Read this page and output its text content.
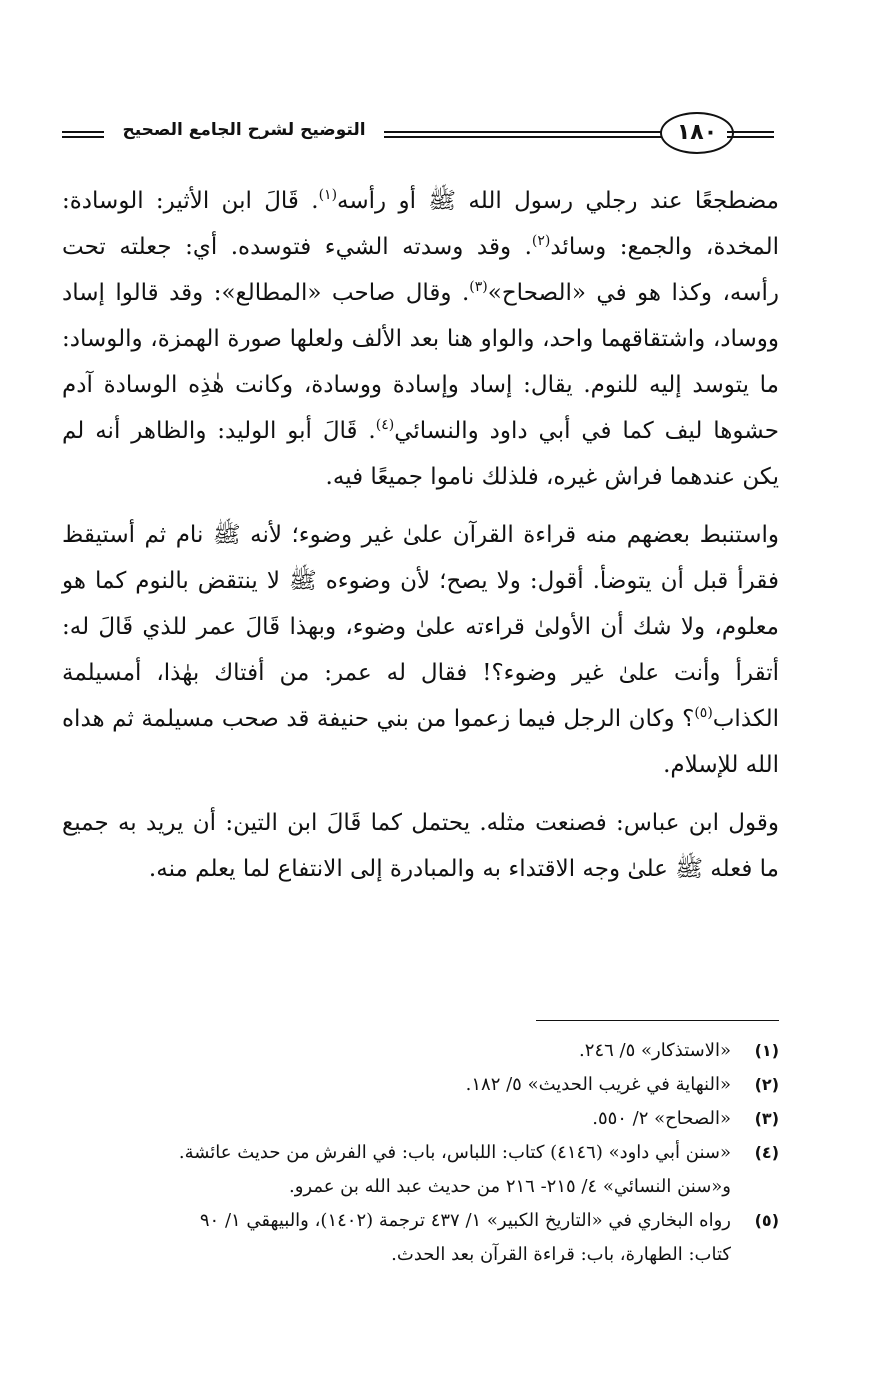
التوضيح لشرح الجامع الصحيح	١٨٠

مضطجعًا عند رجلي رسول الله ﷺ أو رأسه$^{(١)}$. قَالَ ابن الأثير: الوسادة: المخدة، والجمع: وسائد$^{(٢)}$. وقد وسدته الشيء فتوسده. أي: جعلته تحت رأسه، وكذا هو في «الصحاح»$^{(٣)}$. وقال صاحب «المطالع»: وقد قالوا إساد ووساد، واشتقاقهما واحد، والواو هنا بعد الألف ولعلها صورة الهمزة، والوساد: ما يتوسد إليه للنوم. يقال: إساد وإسادة ووسادة، وكانت هٰذِه الوسادة آدم حشوها ليف كما في أبي داود والنسائي$^{(٤)}$. قَالَ أبو الوليد: والظاهر أنه لم يكن عندهما فراش غيره، فلذلك ناموا جميعًا فيه.

واستنبط بعضهم منه قراءة القرآن علىٰ غير وضوء؛ لأنه ﷺ نام ثم أستيقظ فقرأ قبل أن يتوضأ. أقول: ولا يصح؛ لأن وضوءه ﷺ لا ينتقض بالنوم كما هو معلوم، ولا شك أن الأولىٰ قراءته علىٰ وضوء، وبهذا قَالَ عمر للذي قَالَ له: أتقرأ وأنت علىٰ غير وضوء؟! فقال له عمر: من أفتاك بهٰذا، أمسيلمة الكذاب$^{(٥)}$؟ وكان الرجل فيما زعموا من بني حنيفة قد صحب مسيلمة ثم هداه الله للإسلام.

وقول ابن عباس: فصنعت مثله. يحتمل كما قَالَ ابن التين: أن يريد به جميع ما فعله ﷺ علىٰ وجه الاقتداء به والمبادرة إلى الانتفاع لما يعلم منه.

(١)
«الاستذكار» ٥/ ٢٤٦.
(٢)
«النهاية في غريب الحديث» ٥/ ١٨٢.
(٣)
«الصحاح» ٢/ ٥٥٠.
(٤)
«سنن أبي داود» (٤١٤٦) كتاب: اللباس، باب: في الفرش من حديث عائشة.
و«سنن النسائي» ٤/ ٢١٥- ٢١٦ من حديث عبد الله بن عمرو.
(٥)
رواه البخاري في «التاريخ الكبير» ١/ ٤٣٧ ترجمة (١٤٠٢)، والبيهقي ١/ ٩٠
كتاب: الطهارة، باب: قراءة القرآن بعد الحدث.
